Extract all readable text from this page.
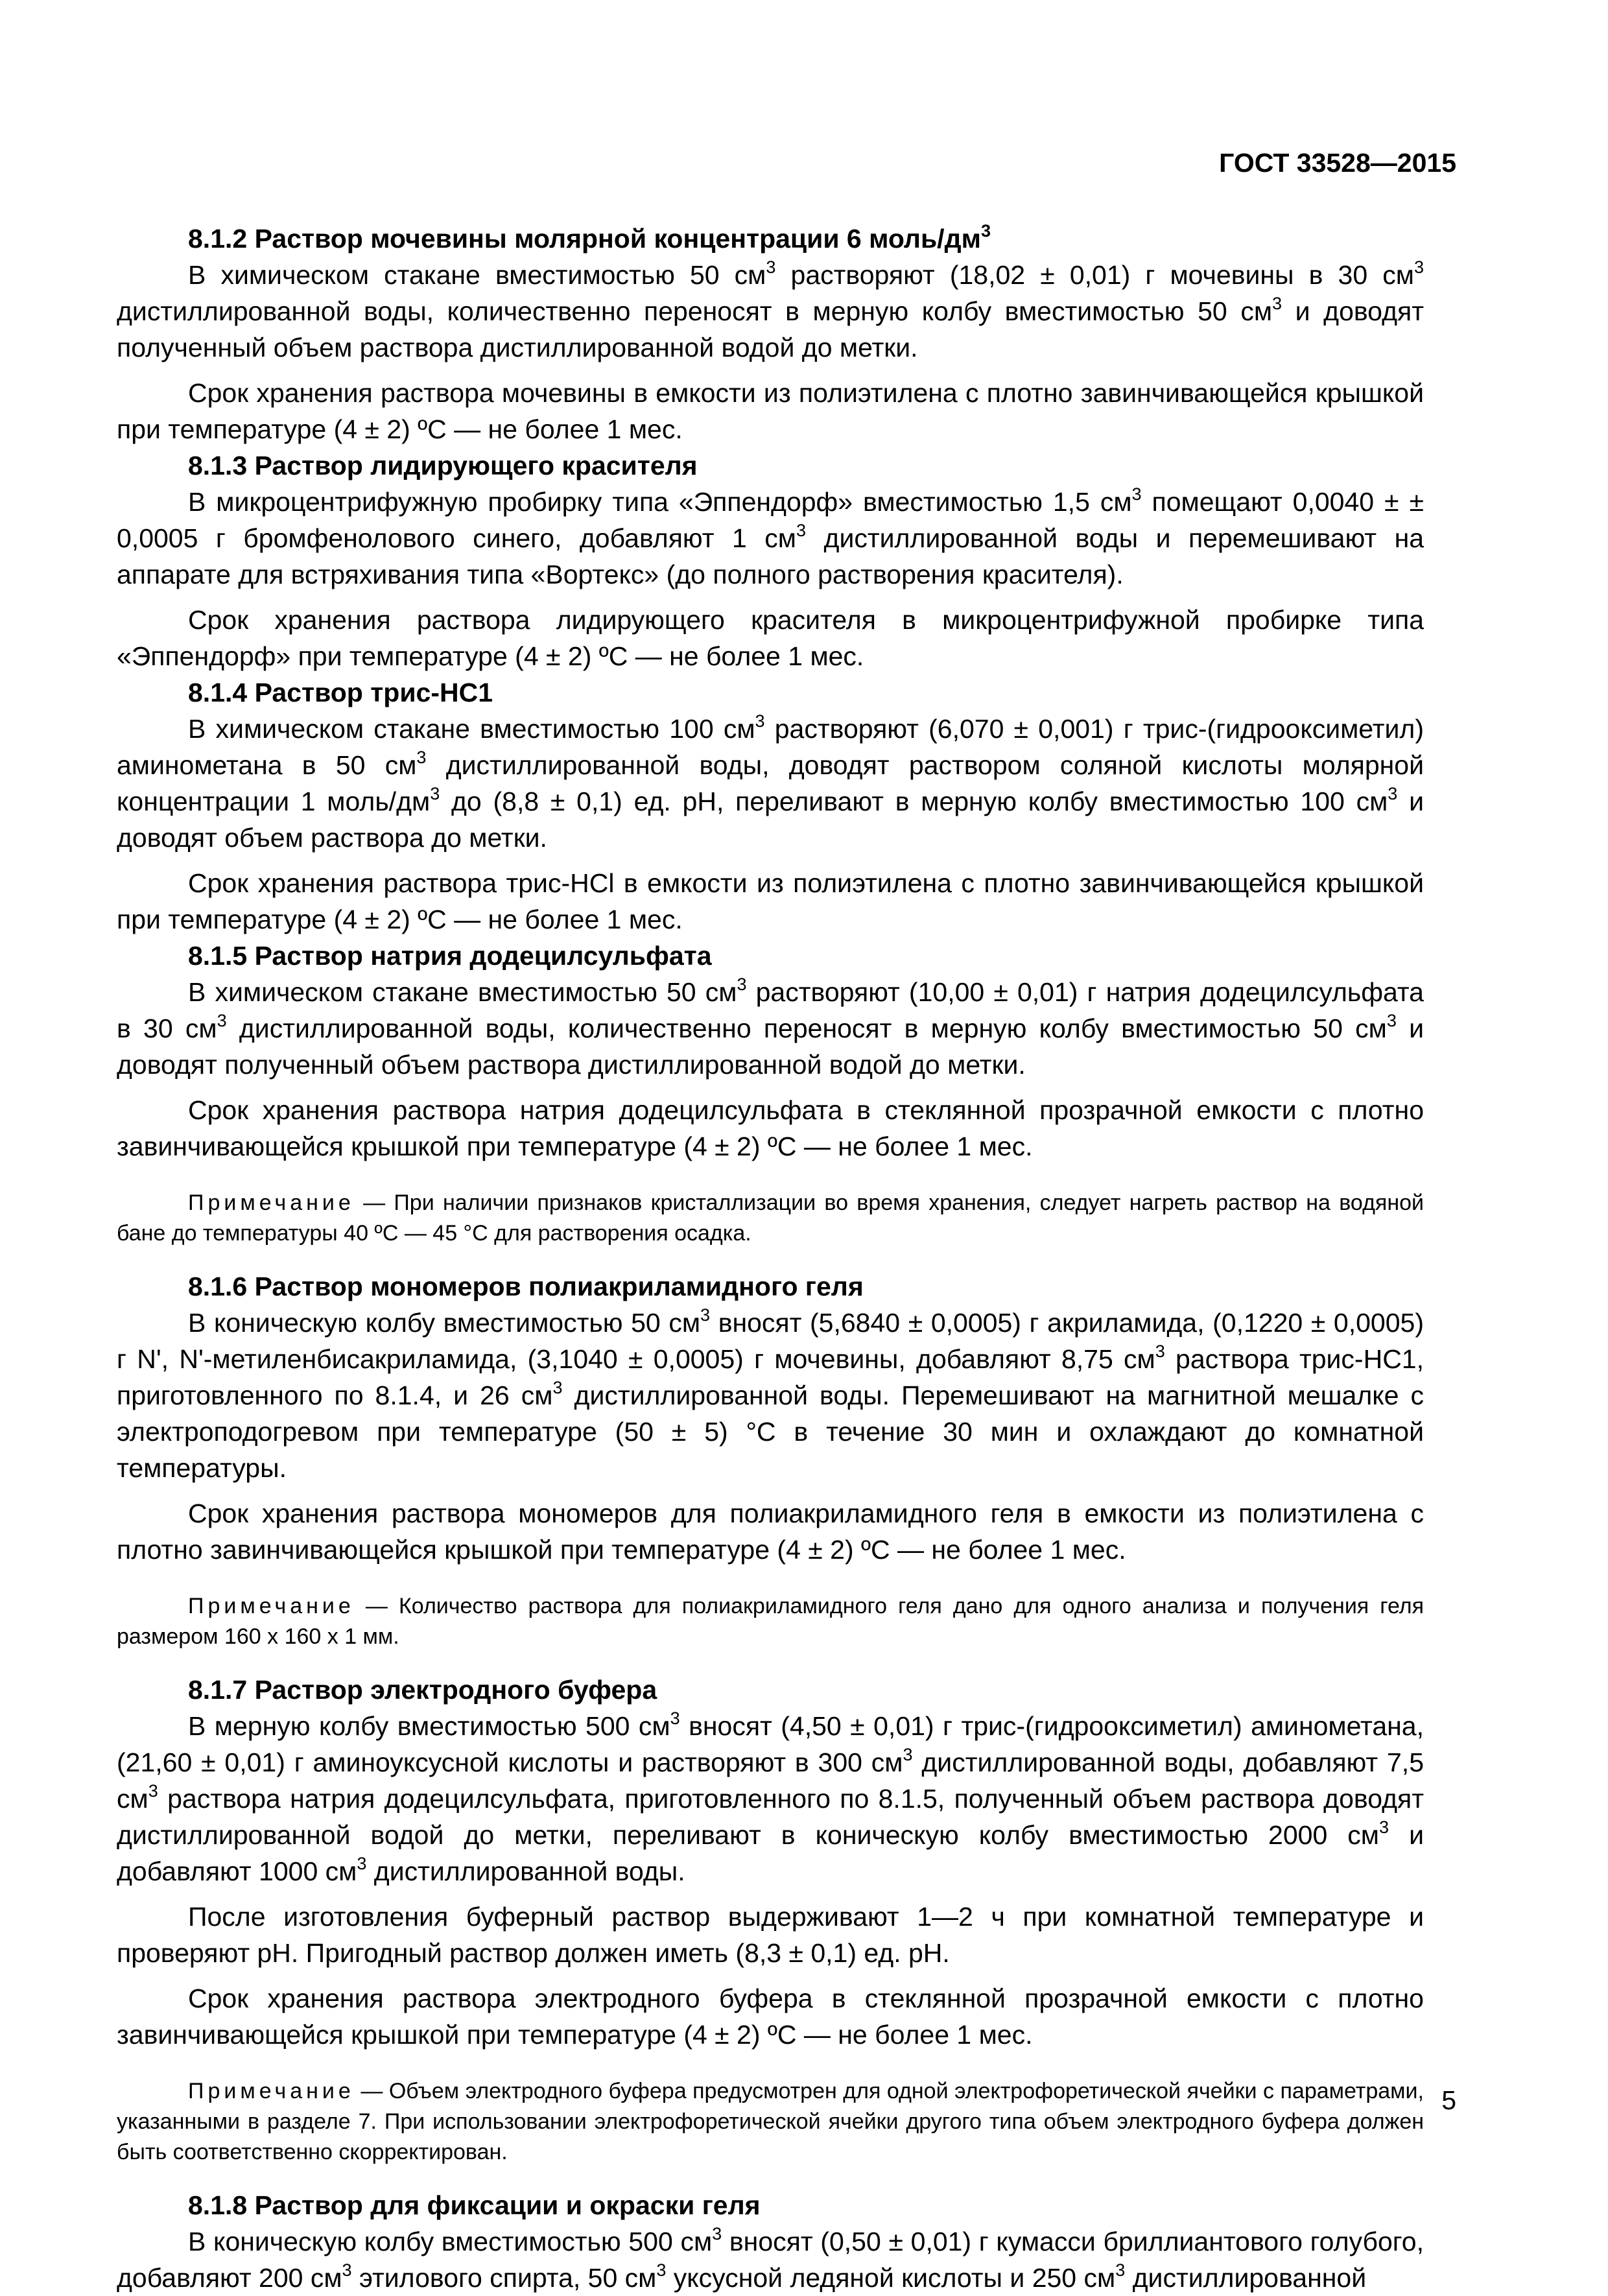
ГОСТ 33528—2015

8.1.2 Раствор мочевины молярной концентрации 6 моль/$дм^3$

В химическом стакане вместимостью 50 $см^3$ растворяют (18,02 ± 0,01) г мочевины в 30 $см^3$ дистиллированной воды, количественно переносят в мерную колбу вместимостью 50 $см^3$ и доводят полученный объем раствора дистиллированной водой до метки.

Срок хранения раствора мочевины в емкости из полиэтилена с плотно завинчивающейся крышкой при температуре (4 ± 2) ºС — не более 1 мес.

8.1.3 Раствор лидирующего красителя

В микроцентрифужную пробирку типа «Эппендорф» вместимостью 1,5 $см^3$ помещают 0,0040 ± ± 0,0005 г бромфенолового синего, добавляют 1 $см^3$ дистиллированной воды и перемешивают на аппарате для встряхивания типа «Вортекс» (до полного растворения красителя).

Срок хранения раствора лидирующего красителя в микроцентрифужной пробирке типа «Эппендорф» при температуре (4 ± 2) ºС — не более 1 мес.

8.1.4 Раствор трис-НС1

В химическом стакане вместимостью 100 $см^3$ растворяют (6,070 ± 0,001) г трис-(гидрооксиметил) аминометана в 50 $см^3$ дистиллированной воды, доводят раствором соляной кислоты молярной концентрации 1 моль/$дм^3$ до (8,8 ± 0,1) ед. рН, переливают в мерную колбу вместимостью 100 $см^3$ и доводят объем раствора до метки.

Срок хранения раствора трис-НСl в емкости из полиэтилена с плотно завинчивающейся крышкой при температуре (4 ± 2) ºС — не более 1 мес.

8.1.5 Раствор натрия додецилсульфата

В химическом стакане вместимостью 50 $см^3$ растворяют (10,00 ± 0,01) г натрия додецилсульфата в 30 $см^3$ дистиллированной воды, количественно переносят в мерную колбу вместимостью 50 $см^3$ и доводят полученный объем раствора дистиллированной водой до метки.

Срок хранения раствора натрия додецилсульфата в стеклянной прозрачной емкости с плотно завинчивающейся крышкой при температуре (4 ± 2) ºС — не более 1 мес.

Примечание — При наличии признаков кристаллизации во время хранения, следует нагреть раствор на водяной бане до температуры 40 ºС — 45 °С для растворения осадка.

8.1.6 Раствор мономеров полиакриламидного геля

В коническую колбу вместимостью 50 $см^3$ вносят (5,6840 ± 0,0005) г акриламида, (0,1220 ± 0,0005) г N', N'-метиленбисакриламида, (3,1040 ± 0,0005) г мочевины, добавляют 8,75 $см^3$ раствора трис-НС1, приготовленного по 8.1.4, и 26 $см^3$ дистиллированной воды. Перемешивают на магнитной мешалке с электроподогревом при температуре (50 ± 5) °С в течение 30 мин и охлаждают до комнатной температуры.

Срок хранения раствора мономеров для полиакриламидного геля в емкости из полиэтилена с плотно завинчивающейся крышкой при температуре (4 ± 2) ºС — не более 1 мес.

Примечание — Количество раствора для полиакриламидного геля дано для одного анализа и получения геля размером 160 х 160 х 1 мм.

8.1.7 Раствор электродного буфера

В мерную колбу вместимостью 500 $см^3$ вносят (4,50 ± 0,01) г трис-(гидрооксиметил) аминометана, (21,60 ± 0,01) г аминоуксусной кислоты и растворяют в 300 $см^3$ дистиллированной воды, добавляют 7,5 $см^3$ раствора натрия додецилсульфата, приготовленного по 8.1.5, полученный объем раствора доводят дистиллированной водой до метки, переливают в коническую колбу вместимостью 2000 $см^3$ и добавляют 1000 $см^3$ дистиллированной воды.

После изготовления буферный раствор выдерживают 1—2 ч при комнатной температуре и проверяют рН. Пригодный раствор должен иметь (8,3 ± 0,1) ед. рН.

Срок хранения раствора электродного буфера в стеклянной прозрачной емкости с плотно завинчивающейся крышкой при температуре (4 ± 2) ºС — не более 1 мес.

Примечание — Объем электродного буфера предусмотрен для одной электрофоретической ячейки с параметрами, указанными в разделе 7. При использовании электрофоретической ячейки другого типа объем электродного буфера должен быть соответственно скорректирован.

8.1.8 Раствор для фиксации и окраски геля

В коническую колбу вместимостью 500 $см^3$ вносят (0,50 ± 0,01) г кумасси бриллиантового голубого, добавляют 200 $см^3$ этилового спирта, 50 $см^3$ уксусной ледяной кислоты и 250 $см^3$ дистиллированной

5
